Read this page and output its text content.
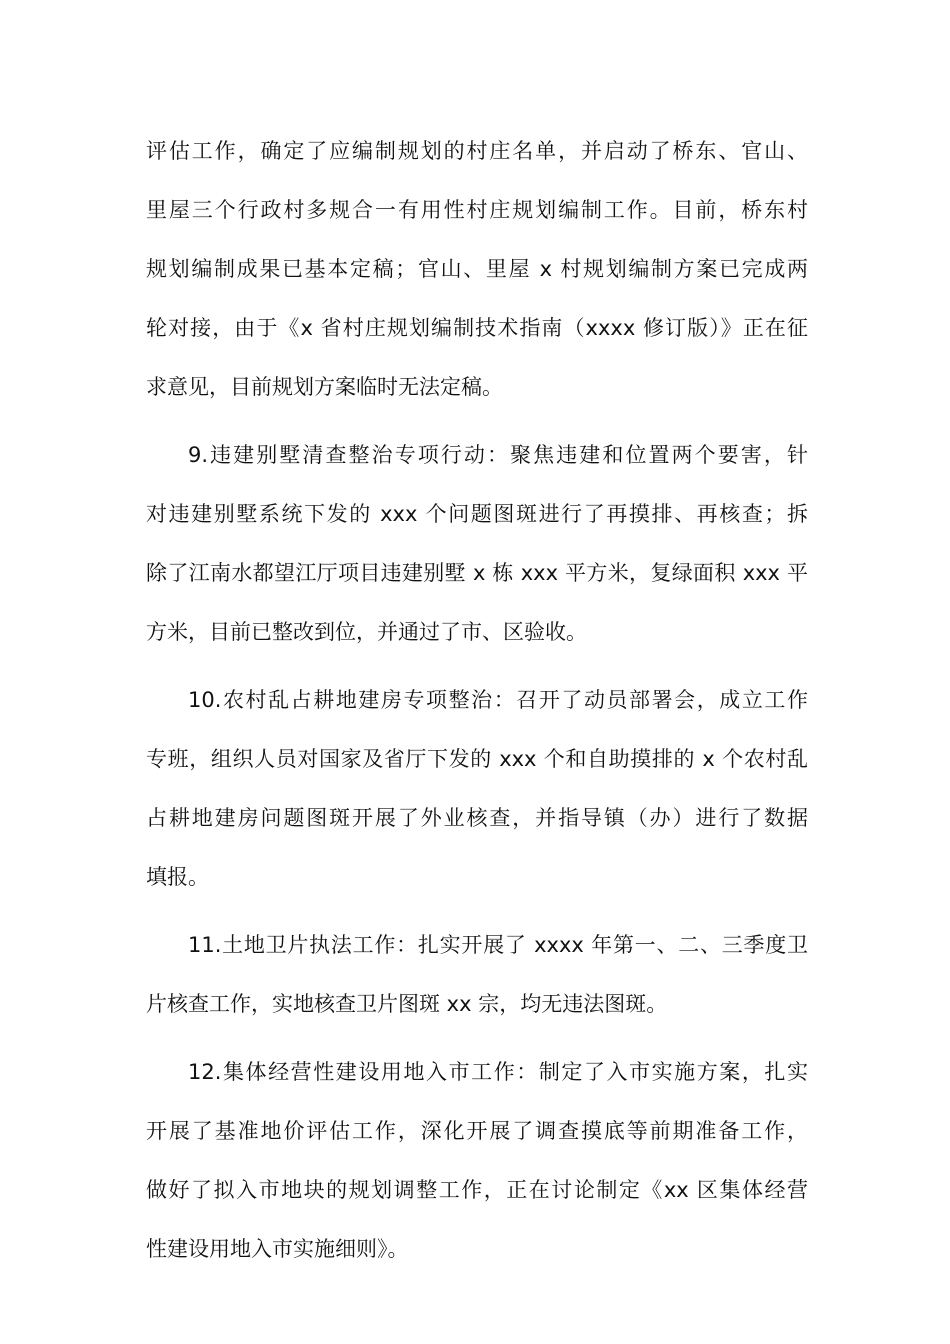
评估工作，确定了应编制规划的村庄名单，并启动了桥东、官山、
里屋三个行政村多规合一有用性村庄规划编制工作。目前，桥东村
规划编制成果已基本定稿；官山、里屋 x 村规划编制方案已完成两
轮对接，由于《x 省村庄规划编制技术指南（xxxx 修订版）》正在征
求意见，目前规划方案临时无法定稿。
9.违建别墅清查整治专项行动：聚焦违建和位置两个要害，针
对违建别墅系统下发的 xxx 个问题图斑进行了再摸排、再核查；拆
除了江南水都望江厅项目违建别墅 x 栋 xxx 平方米，复绿面积 xxx 平
方米，目前已整改到位，并通过了市、区验收。
10.农村乱占耕地建房专项整治：召开了动员部署会，成立工作
专班，组织人员对国家及省厅下发的 xxx 个和自助摸排的 x 个农村乱
占耕地建房问题图斑开展了外业核查，并指导镇（办）进行了数据
填报。
11.土地卫片执法工作：扎实开展了 xxxx 年第一、二、三季度卫
片核查工作，实地核查卫片图斑 xx 宗，均无违法图斑。
12.集体经营性建设用地入市工作：制定了入市实施方案，扎实
开展了基准地价评估工作，深化开展了调查摸底等前期准备工作，
做好了拟入市地块的规划调整工作，正在讨论制定《xx 区集体经营
性建设用地入市实施细则》。
